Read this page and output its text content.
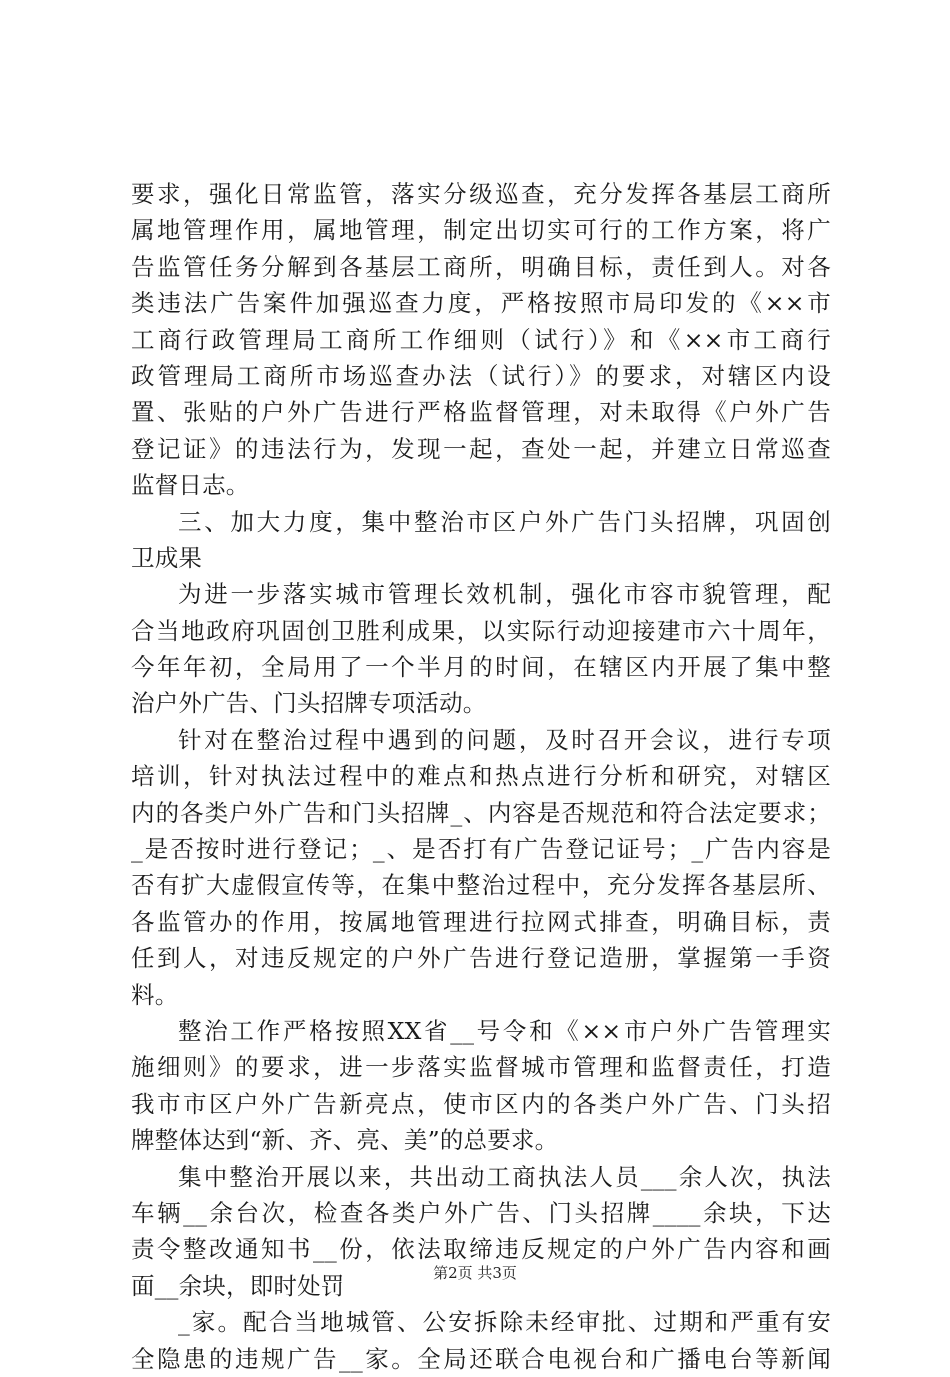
要求，强化日常监管，落实分级巡查，充分发挥各基层工商所
属地管理作用，属地管理，制定出切实可行的工作方案，将广
告监管任务分解到各基层工商所，明确目标，责任到人。对各
类违法广告案件加强巡查力度，严格按照市局印发的《××市
工商行政管理局工商所工作细则（试行）》和《××市工商行
政管理局工商所市场巡查办法（试行）》的要求，对辖区内设
置、张贴的户外广告进行严格监督管理，对未取得《户外广告
登记证》的违法行为，发现一起，查处一起，并建立日常巡查
监督日志。
三、加大力度，集中整治市区户外广告门头招牌，巩固创
卫成果
为进一步落实城市管理长效机制，强化市容市貌管理，配
合当地政府巩固创卫胜利成果，以实际行动迎接建市六十周年，
今年年初，全局用了一个半月的时间，在辖区内开展了集中整
治户外广告、门头招牌专项活动。
针对在整治过程中遇到的问题，及时召开会议，进行专项
培训，针对执法过程中的难点和热点进行分析和研究，对辖区
内的各类户外广告和门头招牌_、内容是否规范和符合法定要求；
_是否按时进行登记；_、是否打有广告登记证号；_广告内容是
否有扩大虚假宣传等，在集中整治过程中，充分发挥各基层所、
各监管办的作用，按属地管理进行拉网式排查，明确目标，责
任到人，对违反规定的户外广告进行登记造册，掌握第一手资
料。
整治工作严格按照XX省__号令和《××市户外广告管理实
施细则》的要求，进一步落实监督城市管理和监督责任，打造
我市市区户外广告新亮点，使市区内的各类户外广告、门头招
牌整体达到“新、齐、亮、美”的总要求。
集中整治开展以来，共出动工商执法人员___余人次，执法
车辆__余台次，检查各类户外广告、门头招牌____余块，下达
责令整改通知书__份，依法取缔违反规定的户外广告内容和画
面__余块，即时处罚
_家。配合当地城管、公安拆除未经审批、过期和严重有安
全隐患的违规广告__家。全局还联合电视台和广播电台等新闻
第2页 共3页
